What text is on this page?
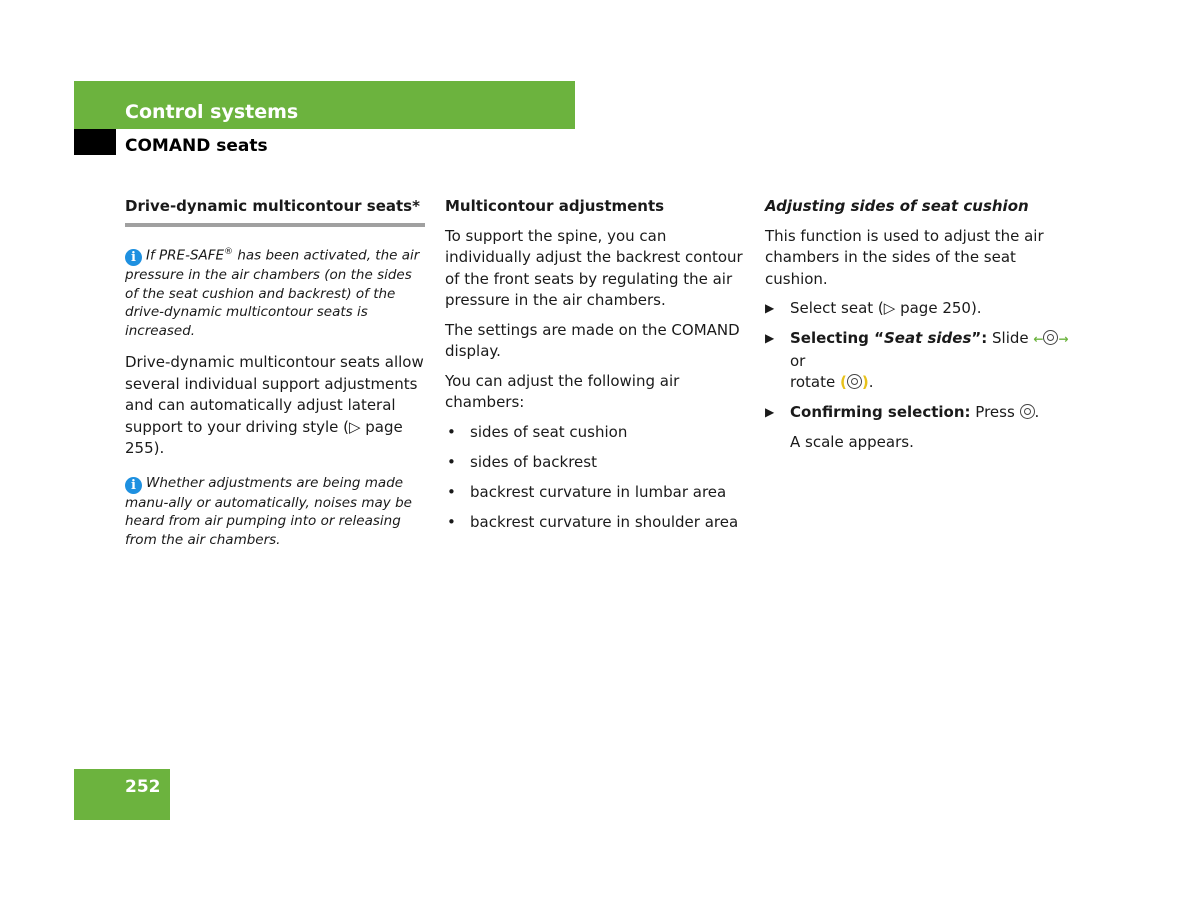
Control systems
COMAND seats
Drive-dynamic multicontour seats*
i If PRE-SAFE® has been activated, the air pressure in the air chambers (on the sides of the seat cushion and backrest) of the drive-dynamic multicontour seats is increased.

Drive-dynamic multicontour seats allow several individual support adjustments and can automatically adjust lateral support to your driving style (▷ page 255).

i Whether adjustments are being made manu-ally or automatically, noises may be heard from air pumping into or releasing from the air chambers.
Multicontour adjustments

To support the spine, you can individually adjust the backrest contour of the front seats by regulating the air pressure in the air chambers.

The settings are made on the COMAND display.

You can adjust the following air chambers:

• sides of seat cushion
• sides of backrest
• backrest curvature in lumbar area
• backrest curvature in shoulder area
Adjusting sides of seat cushion

This function is used to adjust the air chambers in the sides of the seat cushion.

▶ Select seat (▷ page 250).
▶ Selecting “Seat sides”: Slide ← → or
rotate ( ).
▶ Confirming selection: Press .

A scale appears.

252
